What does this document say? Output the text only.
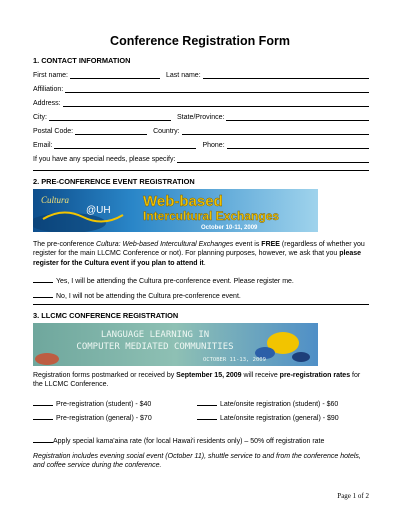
Conference Registration Form
1. CONTACT INFORMATION
First name:	Last name:
Affiliation:
Address:
City:	State/Province:
Postal Code:	Country:
Email:	Phone:
If you have any special needs, please specify:
2. PRE-CONFERENCE EVENT REGISTRATION
Cultura
@UH
Web-based
Intercultural Exchanges
October 10-11, 2009
The pre-conference Cultura: Web-based Intercultural Exchanges event is FREE (regardless of whether you register for the main LLCMC Conference or not). For planning purposes, however, we ask that you please register for the Cultura event if you plan to attend it.
Yes, I will be attending the Cultura pre-conference event. Please register me.
No, I will not be attending the Cultura pre-conference event.
3. LLCMC CONFERENCE REGISTRATION
LANGUAGE LEARNING IN
COMPUTER MEDIATED COMMUNITIES
OCTOBER 11-13, 2009
Registration forms postmarked or received by September 15, 2009 will receive pre-registration rates for the LLCMC Conference.
Pre-registration (student) - $40	Late/onsite registration (student) - $60
Pre-registration (general) - $70	Late/onsite registration (general) - $90
Apply special kama'aina rate (for local Hawai'i residents only) – 50% off registration rate
Registration includes evening social event (October 11), shuttle service to and from the conference hotels, and coffee service during the conference.
Page 1 of 2
